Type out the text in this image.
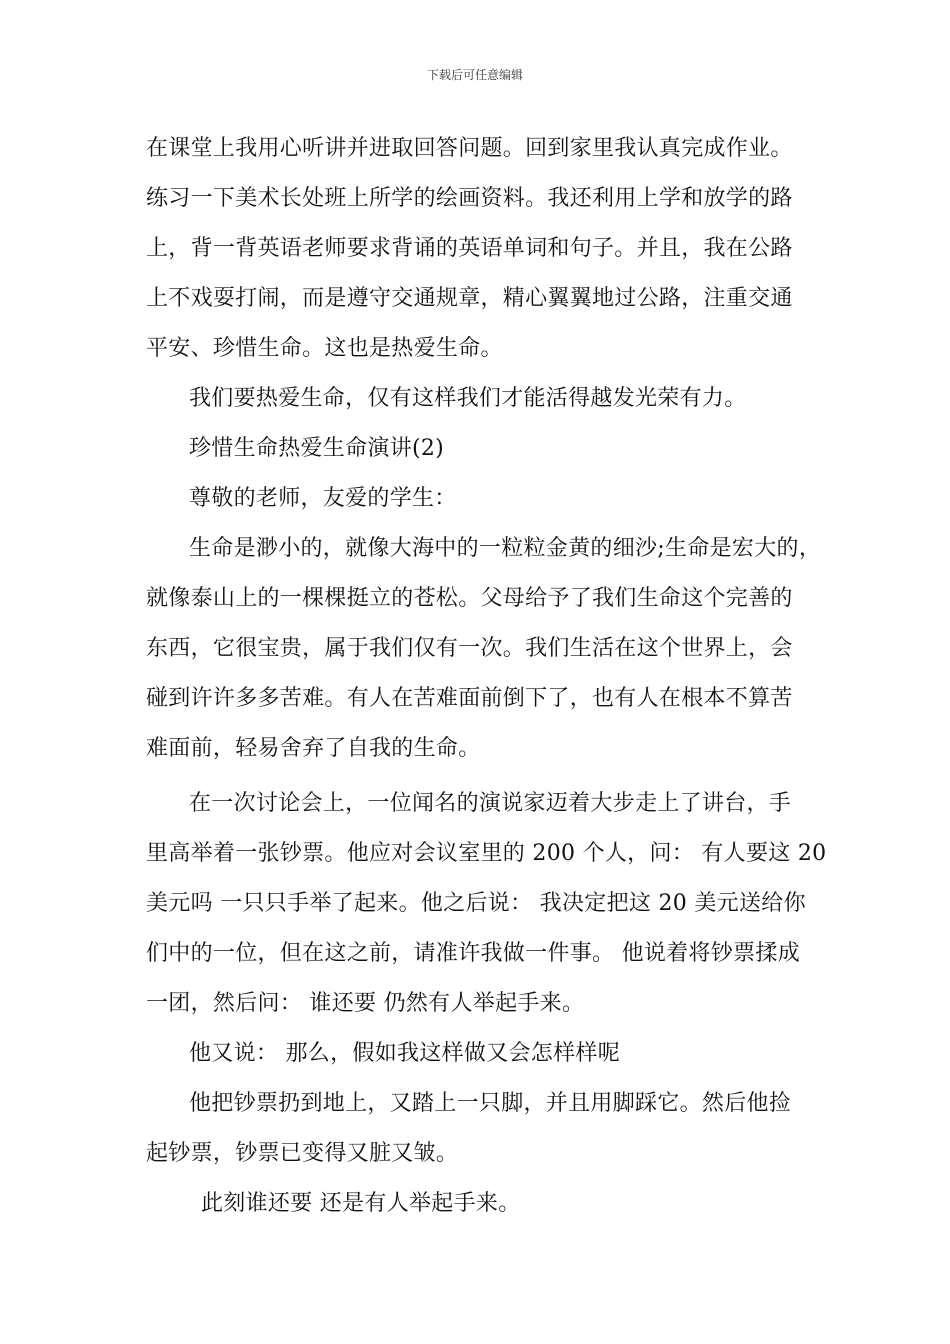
下载后可任意编辑
在课堂上我用心听讲并进取回答问题。回到家里我认真完成作业。
练习一下美术长处班上所学的绘画资料。我还利用上学和放学的路
上，背一背英语老师要求背诵的英语单词和句子。并且，我在公路
上不戏耍打闹，而是遵守交通规章，精心翼翼地过公路，注重交通
平安、珍惜生命。这也是热爱生命。
我们要热爱生命，仅有这样我们才能活得越发光荣有力。
珍惜生命热爱生命演讲(2)
尊敬的老师，友爱的学生：
生命是渺小的，就像大海中的一粒粒金黄的细沙;生命是宏大的，
就像泰山上的一棵棵挺立的苍松。父母给予了我们生命这个完善的
东西，它很宝贵，属于我们仅有一次。我们生活在这个世界上，会
碰到许许多多苦难。有人在苦难面前倒下了，也有人在根本不算苦
难面前，轻易舍弃了自我的生命。
在一次讨论会上，一位闻名的演说家迈着大步走上了讲台，手
里高举着一张钞票。他应对会议室里的 200 个人，问： 有人要这 20
美元吗 一只只手举了起来。他之后说： 我决定把这 20 美元送给你
们中的一位，但在这之前，请准许我做一件事。 他说着将钞票揉成
一团，然后问： 谁还要 仍然有人举起手来。
他又说： 那么，假如我这样做又会怎样样呢
他把钞票扔到地上，又踏上一只脚，并且用脚踩它。然后他捡
起钞票，钞票已变得又脏又皱。
此刻谁还要 还是有人举起手来。
